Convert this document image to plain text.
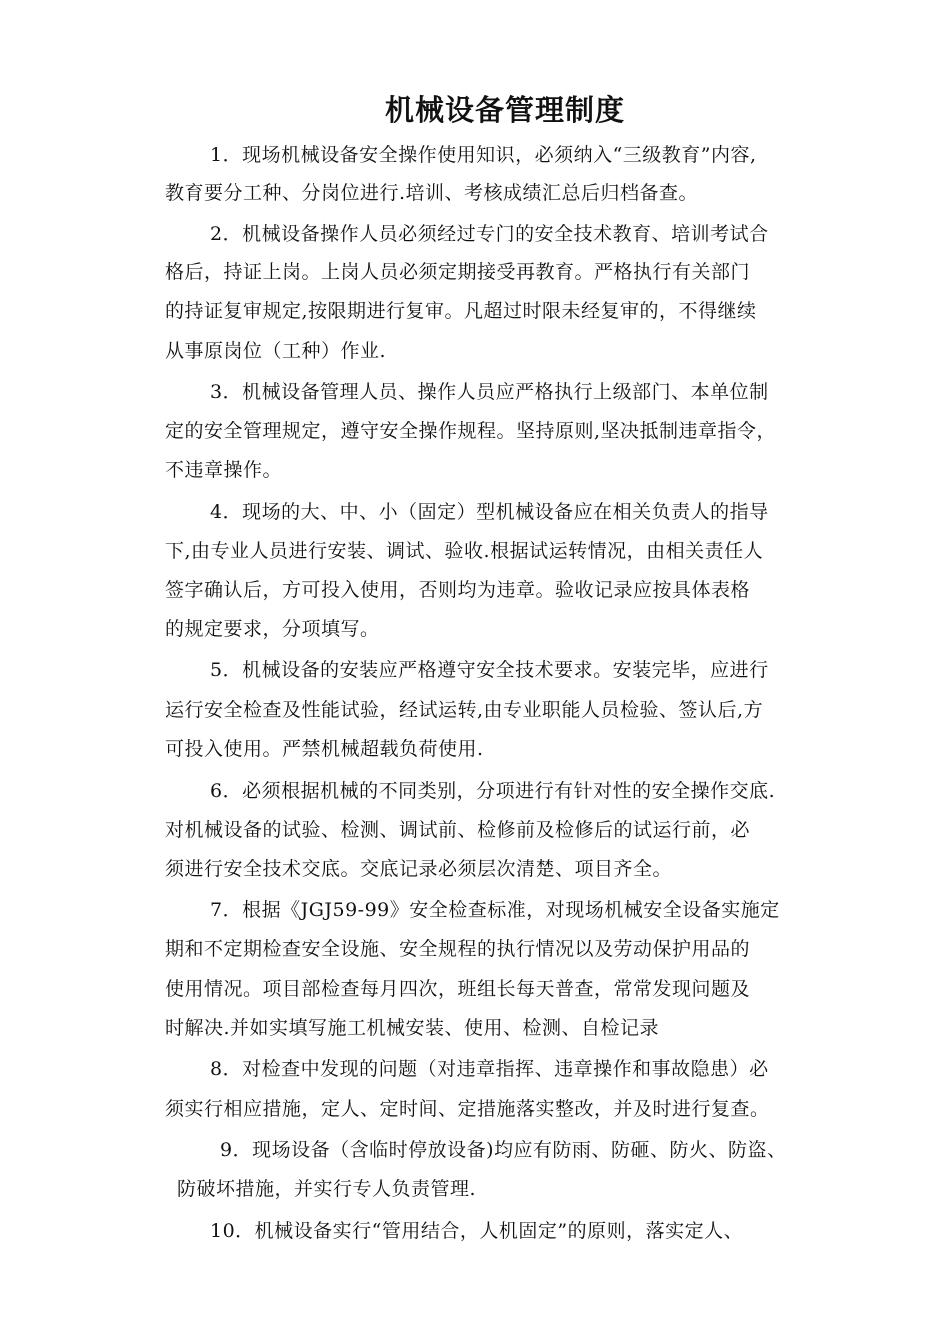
机械设备管理制度
1．现场机械设备安全操作使用知识，必须纳入“三级教育”内容,
教育要分工种、分岗位进行.培训、考核成绩汇总后归档备查。
2．机械设备操作人员必须经过专门的安全技术教育、培训考试合
格后，持证上岗。上岗人员必须定期接受再教育。严格执行有关部门
的持证复审规定,按限期进行复审。凡超过时限未经复审的，不得继续
从事原岗位（工种）作业.
3．机械设备管理人员、操作人员应严格执行上级部门、本单位制
定的安全管理规定，遵守安全操作规程。坚持原则,坚决抵制违章指令，
不违章操作。
4．现场的大、中、小（固定）型机械设备应在相关负责人的指导
下,由专业人员进行安装、调试、验收.根据试运转情况，由相关责任人
签字确认后，方可投入使用，否则均为违章。验收记录应按具体表格
的规定要求，分项填写。
5．机械设备的安装应严格遵守安全技术要求。安装完毕，应进行
运行安全检查及性能试验，经试运转,由专业职能人员检验、签认后,方
可投入使用。严禁机械超载负荷使用.
6．必须根据机械的不同类别，分项进行有针对性的安全操作交底.
对机械设备的试验、检测、调试前、检修前及检修后的试运行前，必
须进行安全技术交底。交底记录必须层次清楚、项目齐全。
7．根据《JGJ59-99》安全检查标准，对现场机械安全设备实施定
期和不定期检查安全设施、安全规程的执行情况以及劳动保护用品的
使用情况。项目部检查每月四次，班组长每天普查，常常发现问题及
时解决.并如实填写施工机械安装、使用、检测、自检记录
8．对检查中发现的问题（对违章指挥、违章操作和事故隐患）必
须实行相应措施，定人、定时间、定措施落实整改，并及时进行复查。
9．现场设备（含临时停放设备)均应有防雨、防砸、防火、防盗、
防破坏措施，并实行专人负责管理.
10．机械设备实行“管用结合，人机固定”的原则，落实定人、
